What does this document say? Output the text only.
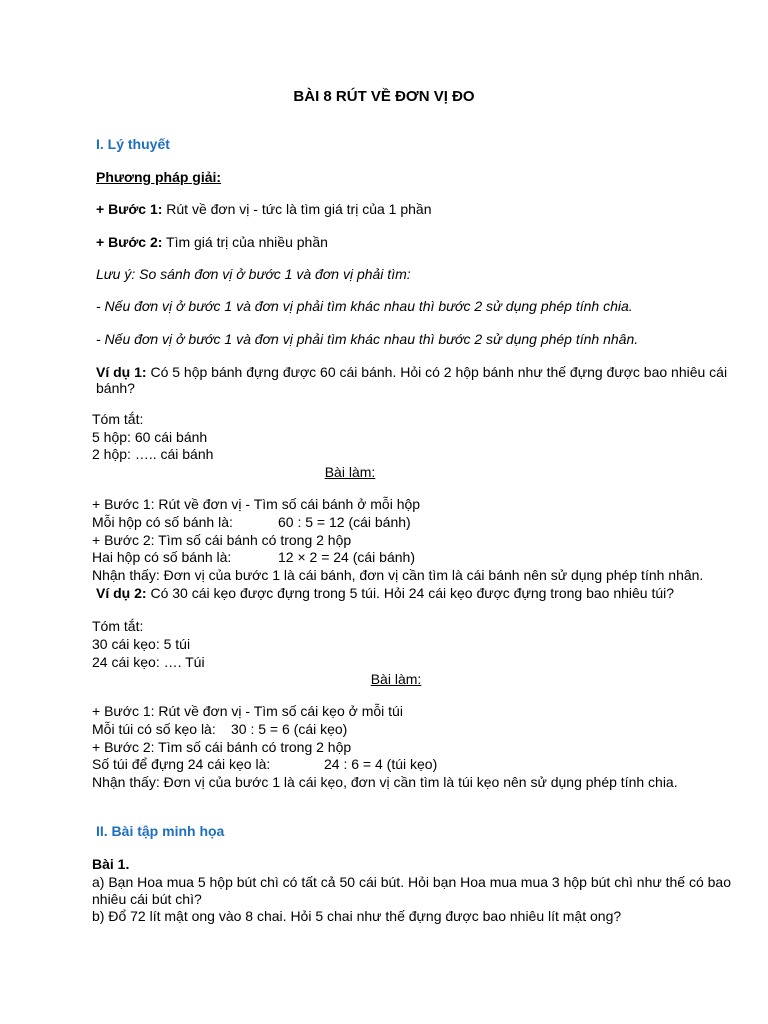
BÀI 8 RÚT VỀ ĐƠN VỊ ĐO
I. Lý thuyết
Phương pháp giải:
+ Bước 1: Rút về đơn vị - tức là tìm giá trị của 1 phần
+ Bước 2: Tìm giá trị của nhiều phần
Lưu ý: So sánh đơn vị ở bước 1 và đơn vị phải tìm:
- Nếu đơn vị ở bước 1 và đơn vị phải tìm khác nhau thì bước 2 sử dụng phép tính chia.
- Nếu đơn vị ở bước 1 và đơn vị phải tìm khác nhau thì bước 2 sử dụng phép tính nhân.
Ví dụ 1: Có 5 hộp bánh đựng được 60 cái bánh. Hỏi có 2 hộp bánh như thế đựng được bao nhiêu cái
bánh?
Tóm tắt:
5 hộp: 60 cái bánh
2 hộp: ….. cái bánh
Bài làm:
+ Bước 1: Rút về đơn vị - Tìm số cái bánh ở mỗi hộp
Mỗi hộp có số bánh là:	60 : 5 = 12 (cái bánh)
+ Bước 2: Tìm số cái bánh có trong 2 hộp
Hai hộp có số bánh là:	12 × 2 = 24 (cái bánh)
Nhận thấy: Đơn vị của bước 1 là cái bánh, đơn vị cần tìm là cái bánh nên sử dụng phép tính nhân.
Ví dụ 2: Có 30 cái kẹo được đựng trong 5 túi. Hỏi 24 cái kẹo được đựng trong bao nhiêu túi?
Tóm tắt:
30 cái kẹo: 5 túi
24 cái kẹo: …. Túi
Bài làm:
+ Bước 1: Rút về đơn vị - Tìm số cái kẹo ở mỗi túi
Mỗi túi có số kẹo là: 30 : 5 = 6 (cái kẹo)
+ Bước 2: Tìm số cái bánh có trong 2 hộp
Số túi để đựng 24 cái kẹo là:	24 : 6 = 4 (túi kẹo)
Nhận thấy: Đơn vị của bước 1 là cái kẹo, đơn vị cần tìm là túi kẹo nên sử dụng phép tính chia.
II. Bài tập minh họa
Bài 1.
a) Bạn Hoa mua 5 hộp bút chì có tất cả 50 cái bút. Hỏi bạn Hoa mua mua 3 hộp bút chì như thế có bao
nhiêu cái bút chì?
b) Đổ 72 lít mật ong vào 8 chai. Hỏi 5 chai như thế đựng được bao nhiêu lít mật ong?
